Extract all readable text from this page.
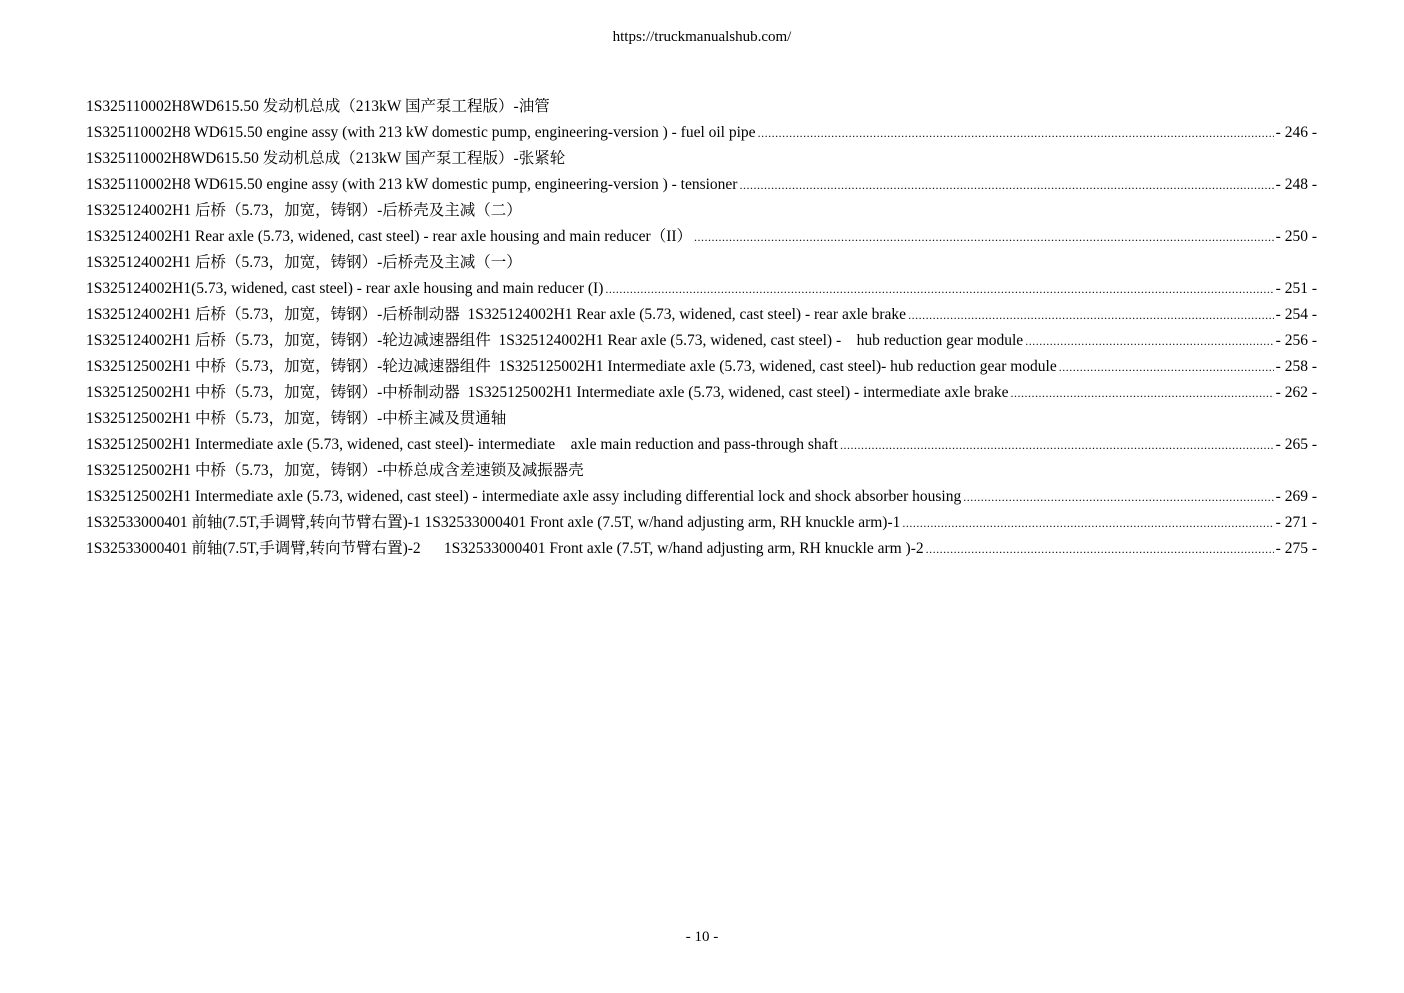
https://truckmanualshub.com/
1S325110002H8WD615.50 发动机总成（213kW 国产泵工程版）-油管
1S325110002H8 WD615.50 engine assy (with 213 kW domestic pump, engineering-version ) - fuel oil pipe .....	- 246 -
1S325110002H8WD615.50 发动机总成（213kW 国产泵工程版）-张紧轮
1S325110002H8 WD615.50 engine assy (with 213 kW domestic pump, engineering-version ) - tensioner .....	- 248 -
1S325124002H1 后桥（5.73，加宽，铸钢）-后桥壳及主减（二）
1S325124002H1 Rear axle (5.73, widened, cast steel) - rear axle housing and main reducer（II） .....	- 250 -
1S325124002H1 后桥（5.73，加宽，铸钢）-后桥壳及主减（一）
1S325124002H1(5.73, widened, cast steel) - rear axle housing and main reducer (I) .....	- 251 -
1S325124002H1 后桥（5.73，加宽，铸钢）-后桥制动器  1S325124002H1 Rear axle (5.73, widened, cast steel) - rear axle brake .....	- 254 -
1S325124002H1 后桥（5.73，加宽，铸钢）-轮边减速器组件  1S325124002H1 Rear axle (5.73, widened, cast steel) -    hub reduction gear module .....	- 256 -
1S325125002H1 中桥（5.73，加宽，铸钢）-轮边减速器组件  1S325125002H1 Intermediate axle (5.73, widened, cast steel)- hub reduction gear module .....	- 258 -
1S325125002H1 中桥（5.73，加宽，铸钢）-中桥制动器  1S325125002H1 Intermediate axle (5.73, widened, cast steel) - intermediate axle brake .....	- 262 -
1S325125002H1 中桥（5.73，加宽，铸钢）-中桥主减及贯通轴
1S325125002H1 Intermediate axle (5.73, widened, cast steel)- intermediate    axle main reduction and pass-through shaft .....	- 265 -
1S325125002H1 中桥（5.73，加宽，铸钢）-中桥总成含差速锁及减振器壳
1S325125002H1 Intermediate axle (5.73, widened, cast steel) - intermediate axle assy including differential lock and shock absorber housing .....	- 269 -
1S32533000401 前轴(7.5T,手调臂,转向节臂右置)-1 1S32533000401 Front axle (7.5T, w/hand adjusting arm, RH knuckle arm)-1 .....	- 271 -
1S32533000401 前轴(7.5T,手调臂,转向节臂右置)-2      1S32533000401 Front axle (7.5T, w/hand adjusting arm, RH knuckle arm )-2 .....	- 275 -
- 10 -
